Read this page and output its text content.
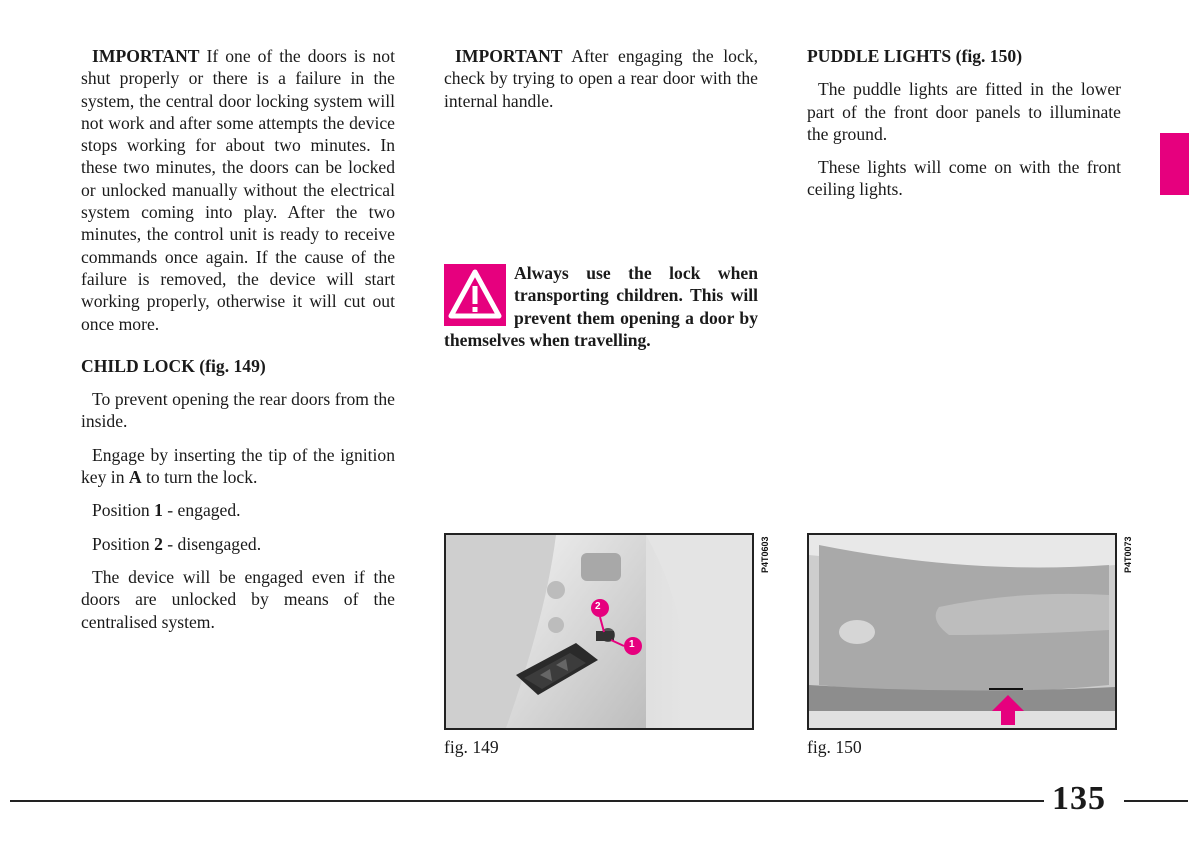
IMPORTANT If one of the doors is not shut properly or there is a failure in the system, the central door locking system will not work and after some attempts the device stops working for about two minutes. In these two minutes, the doors can be locked or unlocked manually without the electrical system coming into play. After the two minutes, the control unit is ready to receive commands once again. If the cause of the failure is removed, the device will start working properly, otherwise it will cut out once more.

CHILD LOCK (fig. 149)

To prevent opening the rear doors from the inside.

Engage by inserting the tip of the ignition key in A to turn the lock.

Position 1 - engaged.

Position 2 - disengaged.

The device will be engaged even if the doors are unlocked by means of the centralised system.

IMPORTANT After engaging the lock, check by trying to open a rear door with the internal handle.

Always use the lock when transporting children. This will prevent them opening a door by themselves when travelling.
PUDDLE LIGHTS (fig. 150)

The puddle lights are fitted in the lower part of the front door panels to illuminate the ground.

These lights will come on with the front ceiling lights.

2
1
P4T0603	P4T0073
fig. 149	fig. 150
135
